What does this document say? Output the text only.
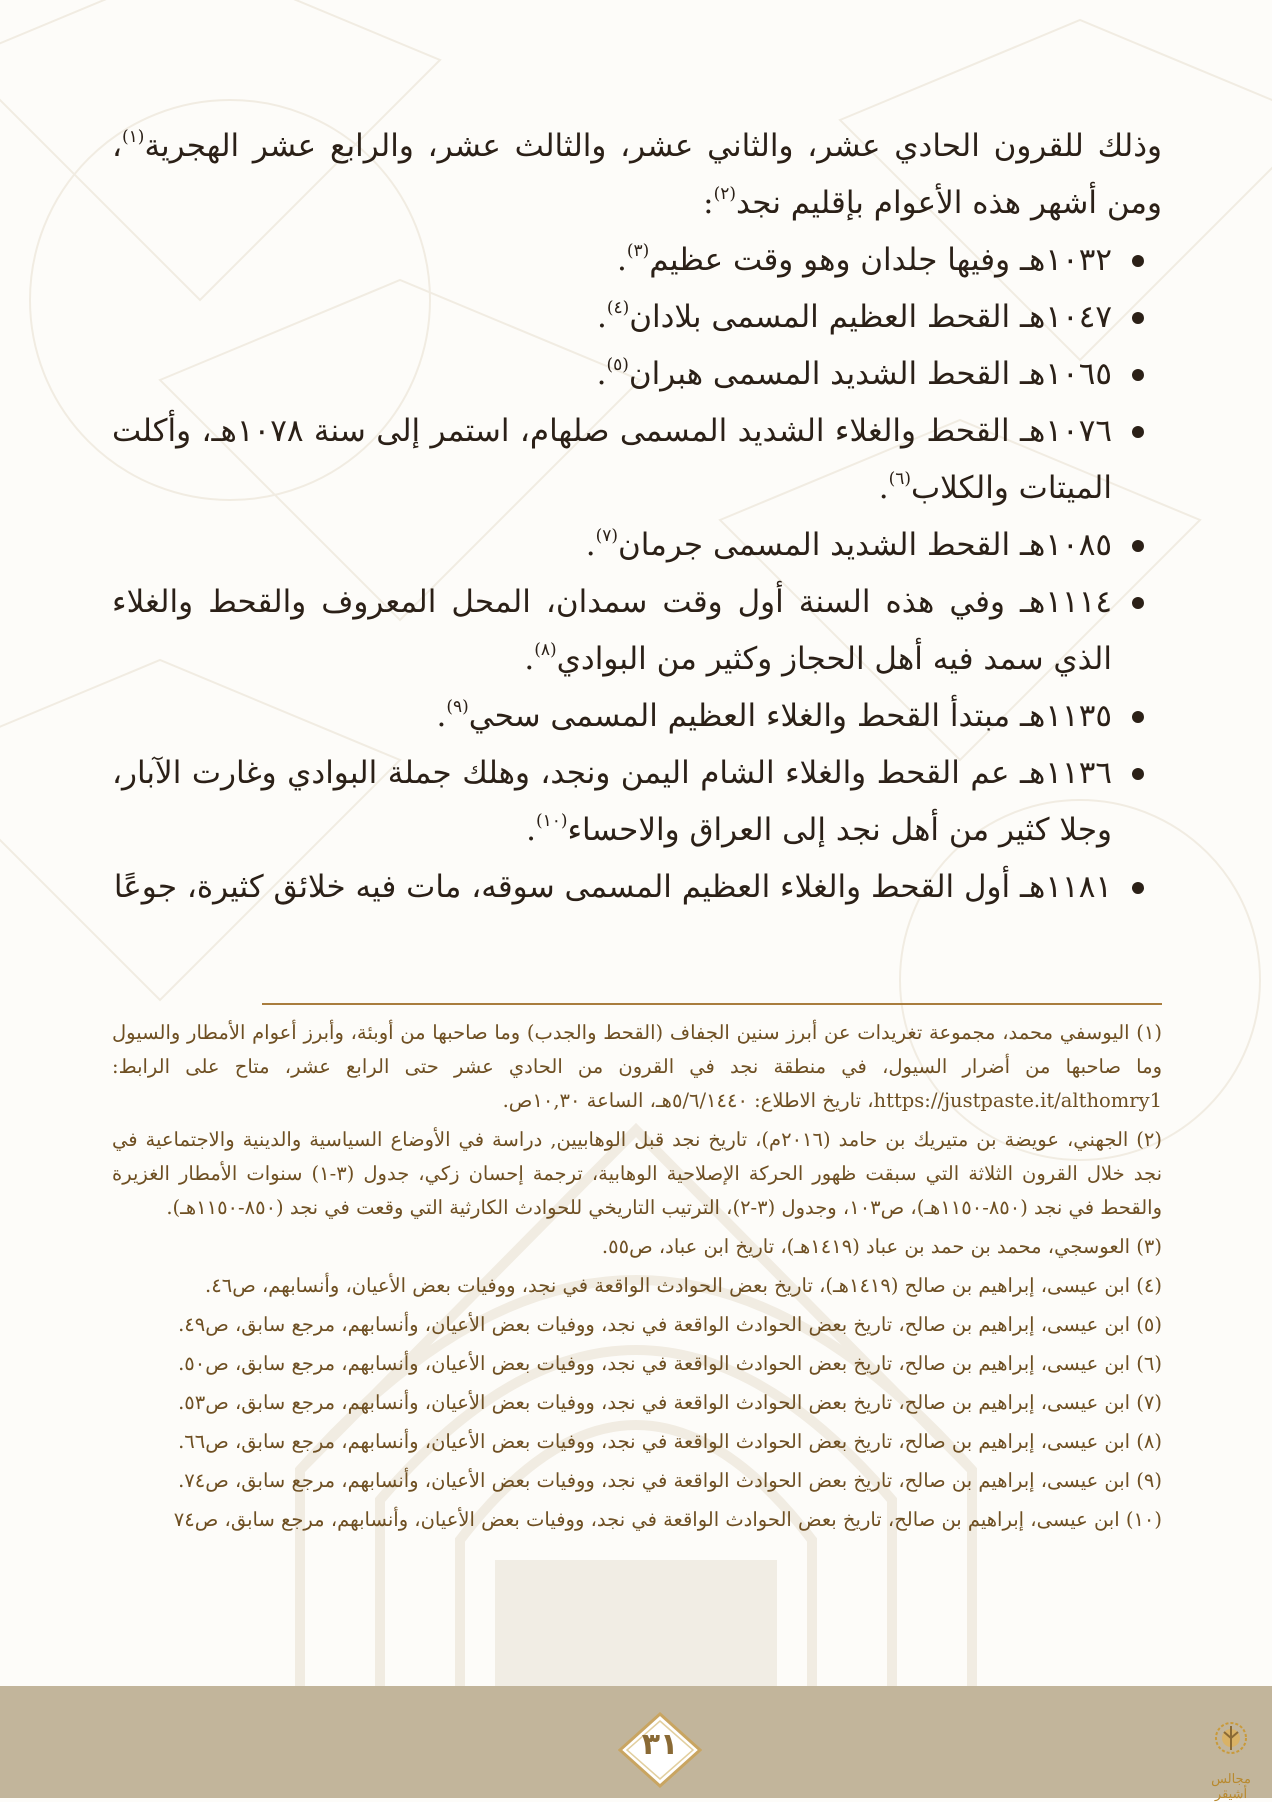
وذلك للقرون الحادي عشر، والثاني عشر، والثالث عشر، والرابع عشر الهجرية$^{(١)}$، ومن أشهر هذه الأعوام بإقليم نجد$^{(٢)}$:

١٠٣٢هـ وفيها جلدان وهو وقت عظيم$^{(٣)}$.
١٠٤٧هـ القحط العظيم المسمى بلادان$^{(٤)}$.
١٠٦٥هـ القحط الشديد المسمى هبران$^{(٥)}$.
١٠٧٦هـ القحط والغلاء الشديد المسمى صلهام، استمر إلى سنة ١٠٧٨هـ، وأكلت الميتات والكلاب$^{(٦)}$.
١٠٨٥هـ القحط الشديد المسمى جرمان$^{(٧)}$.
١١١٤هـ وفي هذه السنة أول وقت سمدان، المحل المعروف والقحط والغلاء الذي سمد فيه أهل الحجاز وكثير من البوادي$^{(٨)}$.
١١٣٥هـ مبتدأ القحط والغلاء العظيم المسمى سحي$^{(٩)}$.
١١٣٦هـ عم القحط والغلاء الشام اليمن ونجد، وهلك جملة البوادي وغارت الآبار، وجلا كثير من أهل نجد إلى العراق والاحساء$^{(١٠)}$.
١١٨١هـ أول القحط والغلاء العظيم المسمى سوقه، مات فيه خلائق كثيرة، جوعًا

(١) اليوسفي محمد، مجموعة تغريدات عن أبرز سنين الجفاف (القحط والجدب) وما صاحبها من أوبئة، وأبرز أعوام الأمطار والسيول وما صاحبها من أضرار السيول، في منطقة نجد في القرون من الحادي عشر حتى الرابع عشر، متاح على الرابط: https://justpaste.it/althomry1، تاريخ الاطلاع: ٥/٦/١٤٤٠هـ، الساعة ١٠,٣٠ص.

(٢) الجهني، عويضة بن متيريك بن حامد (٢٠١٦م)، تاريخ نجد قبل الوهابيين, دراسة في الأوضاع السياسية والدينية والاجتماعية في نجد خلال القرون الثلاثة التي سبقت ظهور الحركة الإصلاحية الوهابية، ترجمة إحسان زكي، جدول (٣-١) سنوات الأمطار الغزيرة والقحط في نجد (٨٥٠-١١٥٠هـ)، ص١٠٣، وجدول (٣-٢)، الترتيب التاريخي للحوادث الكارثية التي وقعت في نجد (٨٥٠-١١٥٠هـ).

(٣) العوسجي، محمد بن حمد بن عباد (١٤١٩هـ)، تاريخ ابن عباد، ص٥٥.

(٤) ابن عيسى، إبراهيم بن صالح (١٤١٩هـ)، تاريخ بعض الحوادث الواقعة في نجد، ووفيات بعض الأعيان، وأنسابهم، ص٤٦.

(٥) ابن عيسى، إبراهيم بن صالح، تاريخ بعض الحوادث الواقعة في نجد، ووفيات بعض الأعيان، وأنسابهم، مرجع سابق، ص٤٩.

(٦) ابن عيسى، إبراهيم بن صالح، تاريخ بعض الحوادث الواقعة في نجد، ووفيات بعض الأعيان، وأنسابهم، مرجع سابق، ص٥٠.

(٧) ابن عيسى، إبراهيم بن صالح، تاريخ بعض الحوادث الواقعة في نجد، ووفيات بعض الأعيان، وأنسابهم، مرجع سابق، ص٥٣.

(٨) ابن عيسى، إبراهيم بن صالح، تاريخ بعض الحوادث الواقعة في نجد، ووفيات بعض الأعيان، وأنسابهم، مرجع سابق، ص٦٦.

(٩) ابن عيسى، إبراهيم بن صالح، تاريخ بعض الحوادث الواقعة في نجد، ووفيات بعض الأعيان، وأنسابهم، مرجع سابق، ص٧٤.

(١٠) ابن عيسى، إبراهيم بن صالح، تاريخ بعض الحوادث الواقعة في نجد، ووفيات بعض الأعيان، وأنسابهم، مرجع سابق، ص٧٤

٣١
مجالس أشيقر
